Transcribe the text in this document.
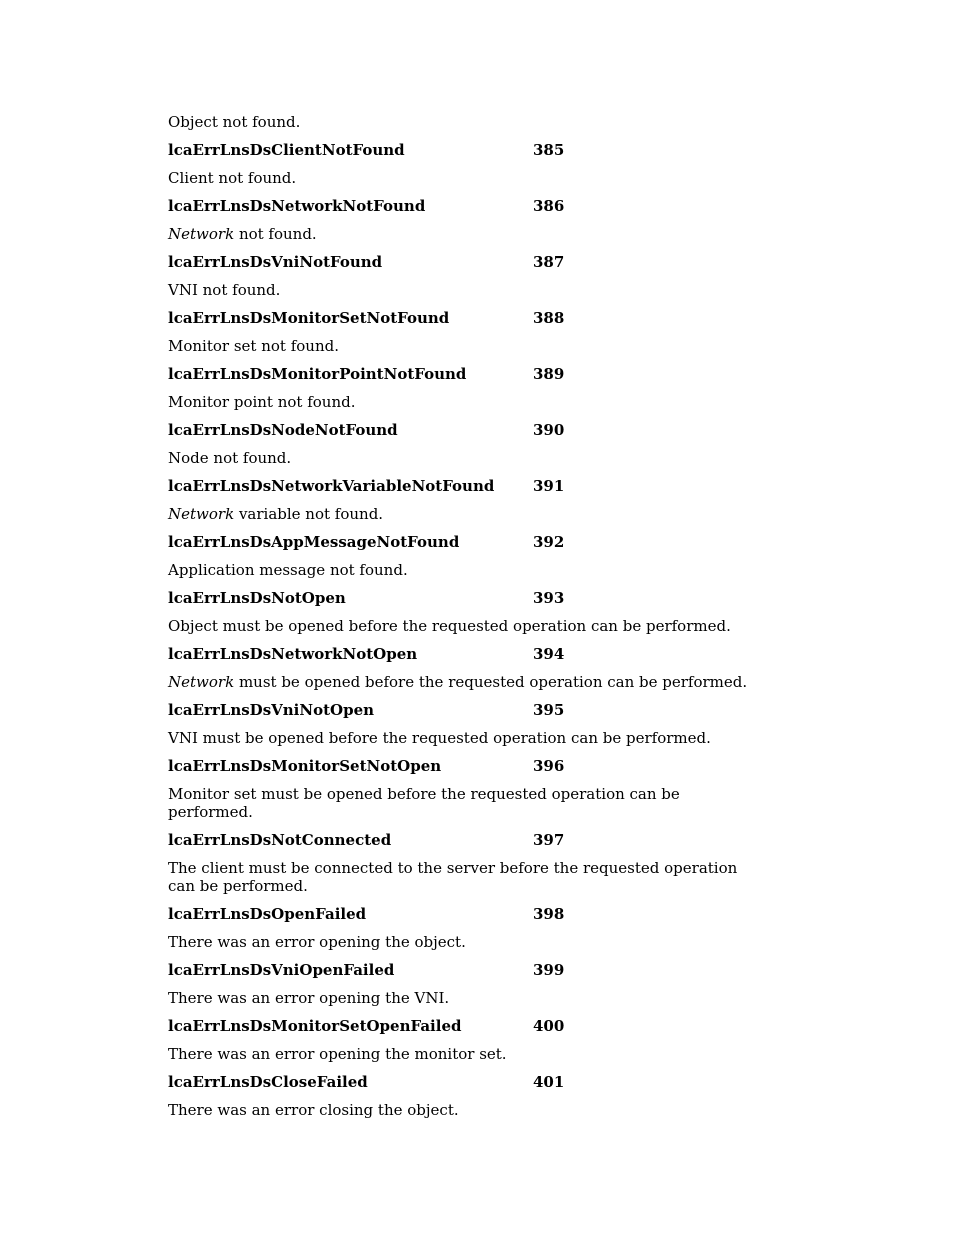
Object not found.
lcaErrLnsDsClientNotFound	385
Client not found.
lcaErrLnsDsNetworkNotFound	386
Network not found.
lcaErrLnsDsVniNotFound	387
VNI not found.
lcaErrLnsDsMonitorSetNotFound	388
Monitor set not found.
lcaErrLnsDsMonitorPointNotFound	389
Monitor point not found.
lcaErrLnsDsNodeNotFound	390
Node not found.
lcaErrLnsDsNetworkVariableNotFound	391
Network variable not found.
lcaErrLnsDsAppMessageNotFound	392
Application message not found.
lcaErrLnsDsNotOpen	393
Object must be opened before the requested operation can be performed.
lcaErrLnsDsNetworkNotOpen	394
Network must be opened before the requested operation can be performed.
lcaErrLnsDsVniNotOpen	395
VNI must be opened before the requested operation can be performed.
lcaErrLnsDsMonitorSetNotOpen	396
Monitor set must be opened before the requested operation can be performed.
lcaErrLnsDsNotConnected	397
The client must be connected to the server before the requested operation can be performed.
lcaErrLnsDsOpenFailed	398
There was an error opening the object.
lcaErrLnsDsVniOpenFailed	399
There was an error opening the VNI.
lcaErrLnsDsMonitorSetOpenFailed	400
There was an error opening the monitor set.
lcaErrLnsDsCloseFailed	401
There was an error closing the object.
